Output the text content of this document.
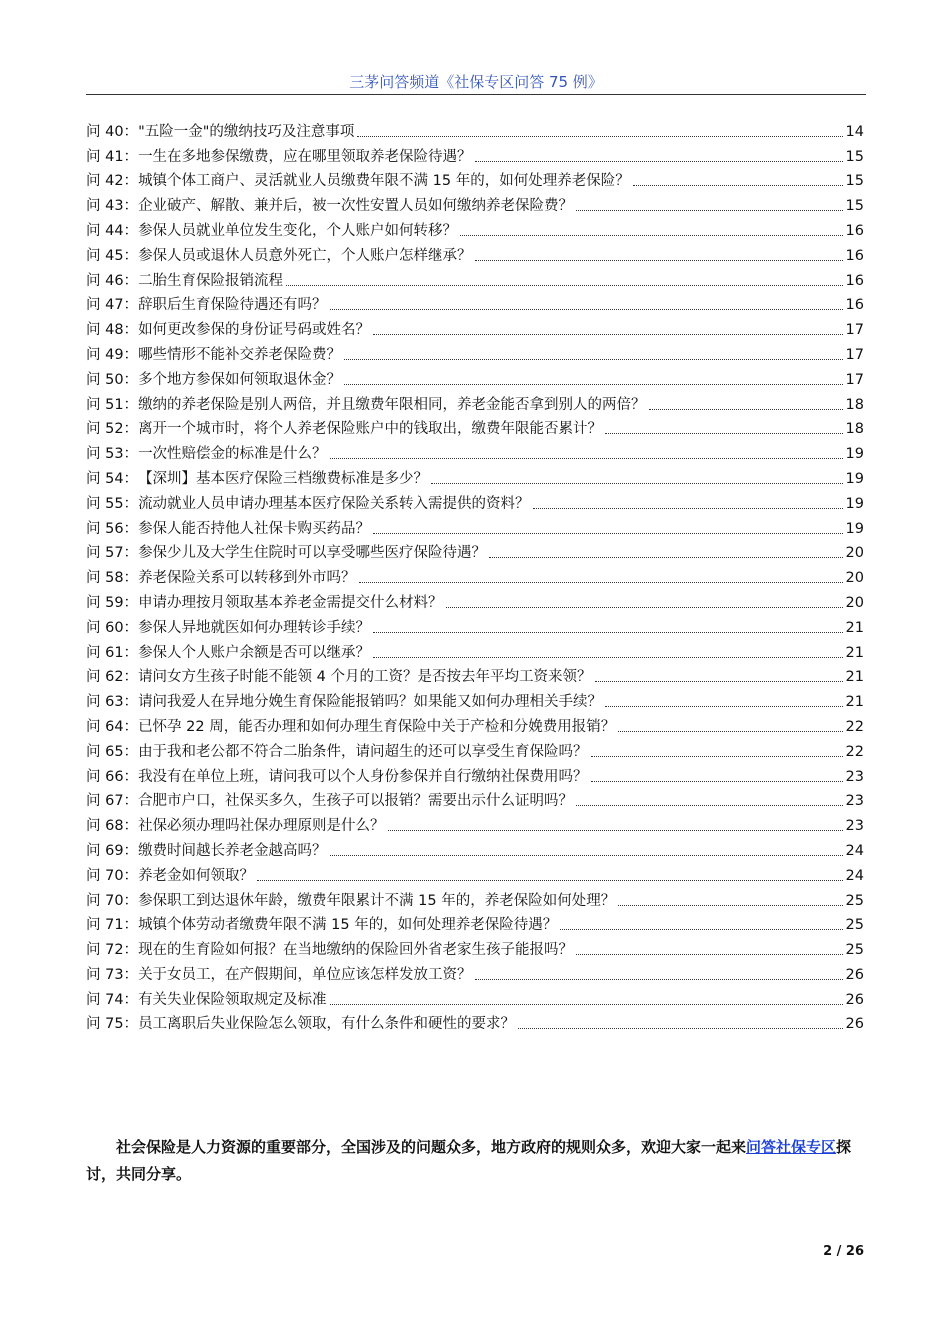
三茅问答频道《社保专区问答 75 例》
问 40： "五险一金"的缴纳技巧及注意事项	14
问 41： 一生在多地参保缴费，应在哪里领取养老保险待遇？	15
问 42： 城镇个体工商户、灵活就业人员缴费年限不满 15 年的，如何处理养老保险？	15
问 43： 企业破产、解散、兼并后，被一次性安置人员如何缴纳养老保险费？	15
问 44： 参保人员就业单位发生变化，个人账户如何转移？	16
问 45： 参保人员或退休人员意外死亡，个人账户怎样继承？	16
问 46： 二胎生育保险报销流程	16
问 47： 辞职后生育保险待遇还有吗？	16
问 48： 如何更改参保的身份证号码或姓名？	17
问 49： 哪些情形不能补交养老保险费？	17
问 50： 多个地方参保如何领取退休金？	17
问 51： 缴纳的养老保险是别人两倍，并且缴费年限相同，养老金能否拿到别人的两倍？	18
问 52： 离开一个城市时，将个人养老保险账户中的钱取出，缴费年限能否累计？	18
问 53： 一次性赔偿金的标准是什么？	19
问 54： 【深圳】基本医疗保险三档缴费标准是多少？	19
问 55： 流动就业人员申请办理基本医疗保险关系转入需提供的资料？	19
问 56： 参保人能否持他人社保卡购买药品？	19
问 57： 参保少儿及大学生住院时可以享受哪些医疗保险待遇？	20
问 58： 养老保险关系可以转移到外市吗？	20
问 59： 申请办理按月领取基本养老金需提交什么材料？	20
问 60： 参保人异地就医如何办理转诊手续？	21
问 61： 参保人个人账户余额是否可以继承？	21
问 62： 请问女方生孩子时能不能领 4 个月的工资？是否按去年平均工资来领？	21
问 63： 请问我爱人在异地分娩生育保险能报销吗？如果能又如何办理相关手续？	21
问 64： 已怀孕 22 周，能否办理和如何办理生育保险中关于产检和分娩费用报销？	22
问 65： 由于我和老公都不符合二胎条件，请问超生的还可以享受生育保险吗？	22
问 66： 我没有在单位上班，请问我可以个人身份参保并自行缴纳社保费用吗？	23
问 67： 合肥市户口，社保买多久，生孩子可以报销？需要出示什么证明吗？	23
问 68： 社保必须办理吗社保办理原则是什么？	23
问 69： 缴费时间越长养老金越高吗？	24
问 70： 养老金如何领取？	24
问 70： 参保职工到达退休年龄，缴费年限累计不满 15 年的，养老保险如何处理？	25
问 71： 城镇个体劳动者缴费年限不满 15 年的，如何处理养老保险待遇？	25
问 72： 现在的生育险如何报？在当地缴纳的保险回外省老家生孩子能报吗？	25
问 73： 关于女员工，在产假期间，单位应该怎样发放工资？	26
问 74： 有关失业保险领取规定及标准	26
问 75： 员工离职后失业保险怎么领取，有什么条件和硬性的要求？	26

社会保险是人力资源的重要部分，全国涉及的问题众多，地方政府的规则众多，欢迎大家一起来问答社保专区探讨，共同分享。

2 / 26
